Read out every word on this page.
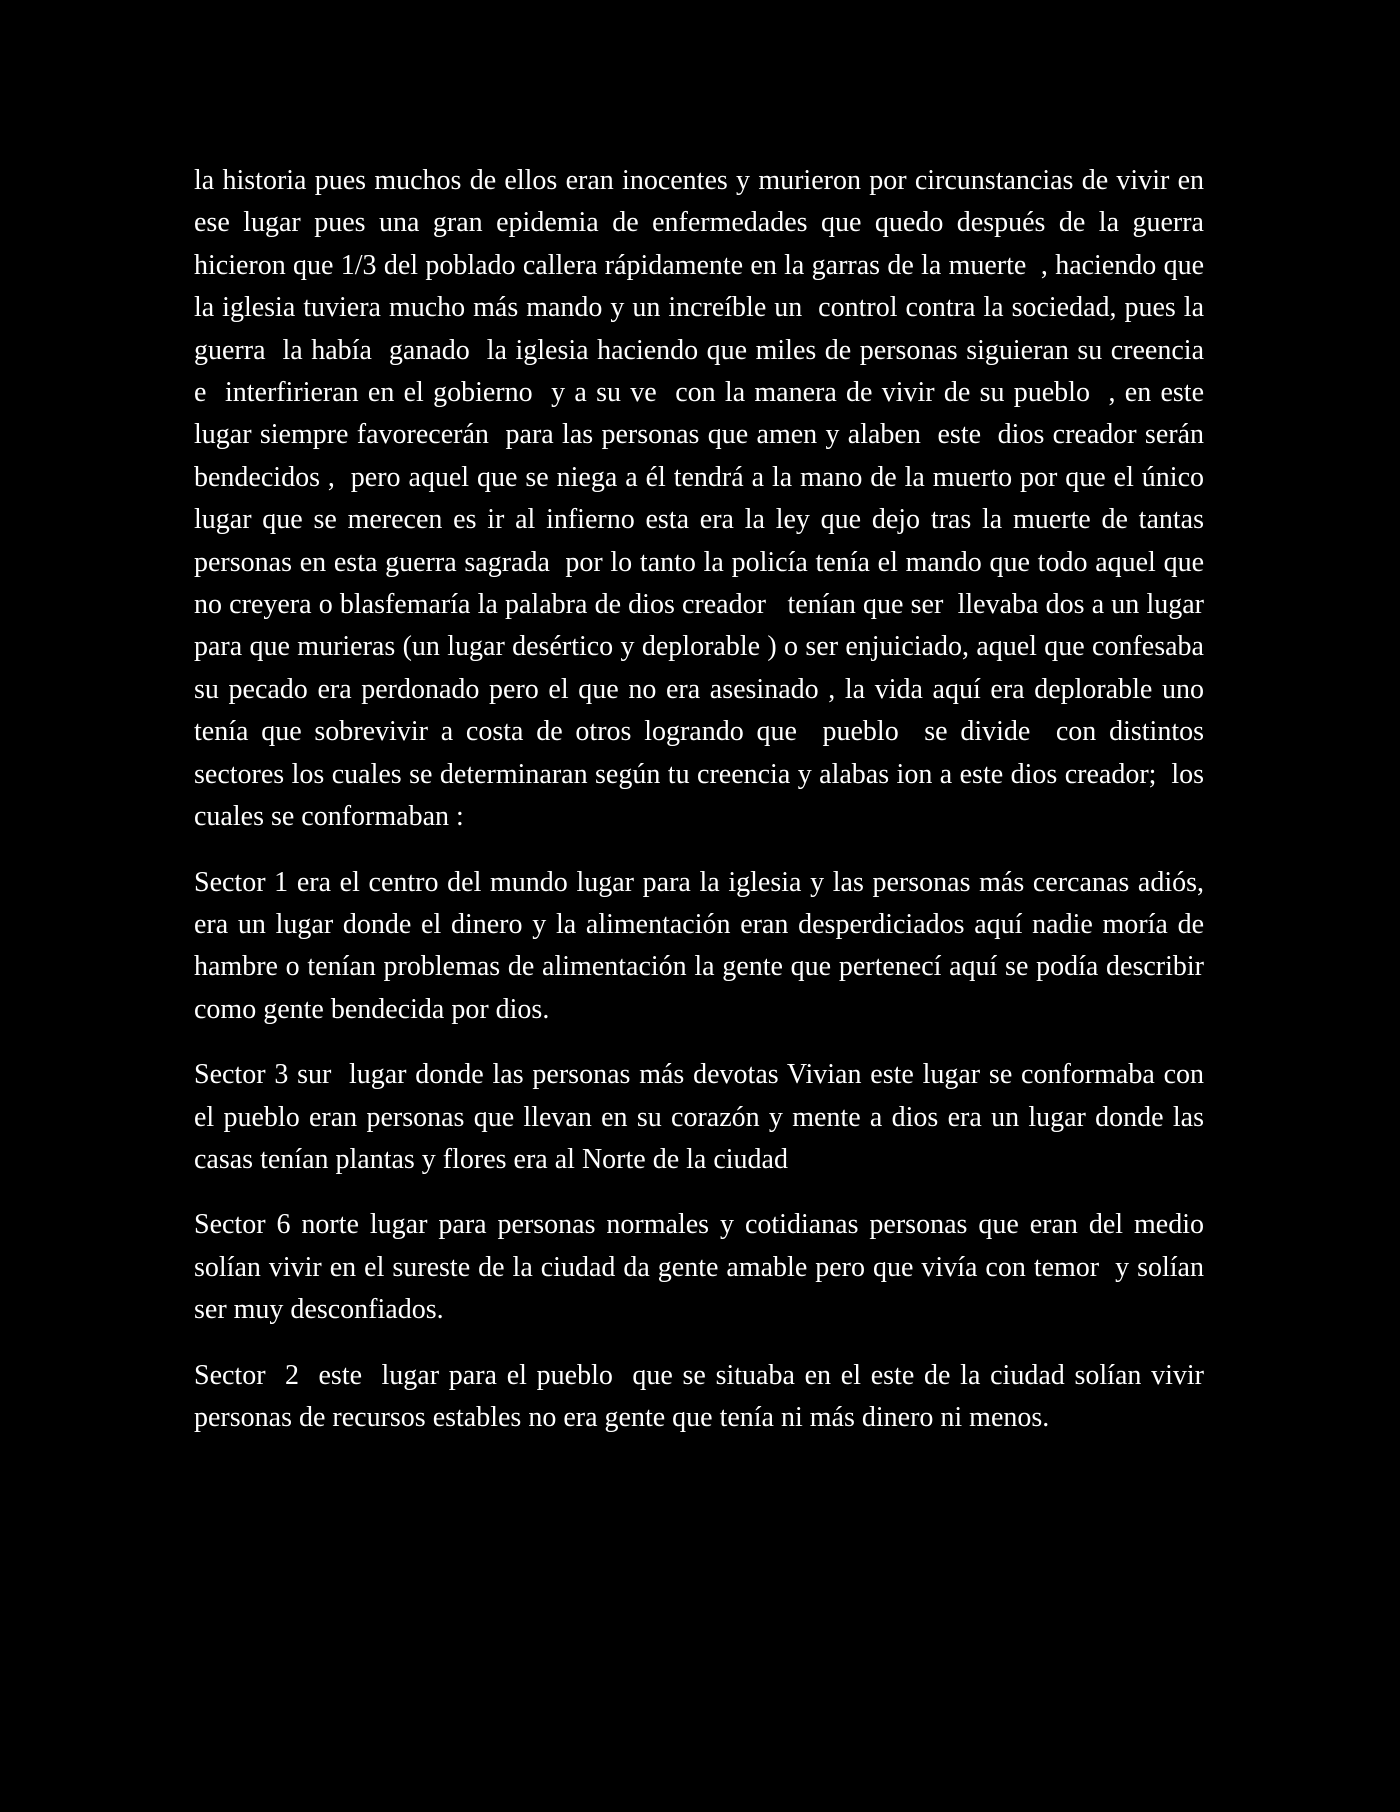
la historia pues muchos de ellos eran inocentes y murieron por circunstancias de vivir en ese lugar pues una gran epidemia de enfermedades que quedo después de la guerra hicieron que 1/3 del poblado callera rápidamente en la garras de la muerte  , haciendo que la iglesia tuviera mucho más mando y un increíble un  control contra la sociedad, pues la  guerra  la había  ganado  la iglesia haciendo que miles de personas siguieran su creencia  e  interfirieran en el gobierno  y a su ve  con la manera de vivir de su pueblo  , en este lugar siempre favorecerán  para las personas que amen y alaben  este  dios creador serán bendecidos ,  pero aquel que se niega a él tendrá a la mano de la muerto por que el único lugar que se merecen es ir al infierno esta era la ley que dejo tras la muerte de tantas personas en esta guerra sagrada  por lo tanto la policía tenía el mando que todo aquel que no creyera o blasfemaría la palabra de dios creador   tenían que ser  llevaba dos a un lugar para que murieras (un lugar desértico y deplorable ) o ser enjuiciado, aquel que confesaba su pecado era perdonado pero el que no era asesinado , la vida aquí era deplorable uno tenía que sobrevivir a costa de otros logrando que  pueblo  se divide  con distintos sectores los cuales se determinaran según tu creencia y alabas ion a este dios creador;  los cuales se conformaban :

Sector 1 era el centro del mundo lugar para la iglesia y las personas más cercanas adiós, era un lugar donde el dinero y la alimentación eran desperdiciados aquí nadie moría de hambre o tenían problemas de alimentación la gente que pertenecí aquí se podía describir como gente bendecida por dios.

Sector 3 sur  lugar donde las personas más devotas Vivian este lugar se conformaba con el pueblo eran personas que llevan en su corazón y mente a dios era un lugar donde las casas tenían plantas y flores era al Norte de la ciudad

Sector 6 norte lugar para personas normales y cotidianas personas que eran del medio solían vivir en el sureste de la ciudad da gente amable pero que vivía con temor  y solían ser muy desconfiados.

Sector  2  este  lugar para el pueblo  que se situaba en el este de la ciudad solían vivir personas de recursos estables no era gente que tenía ni más dinero ni menos.
